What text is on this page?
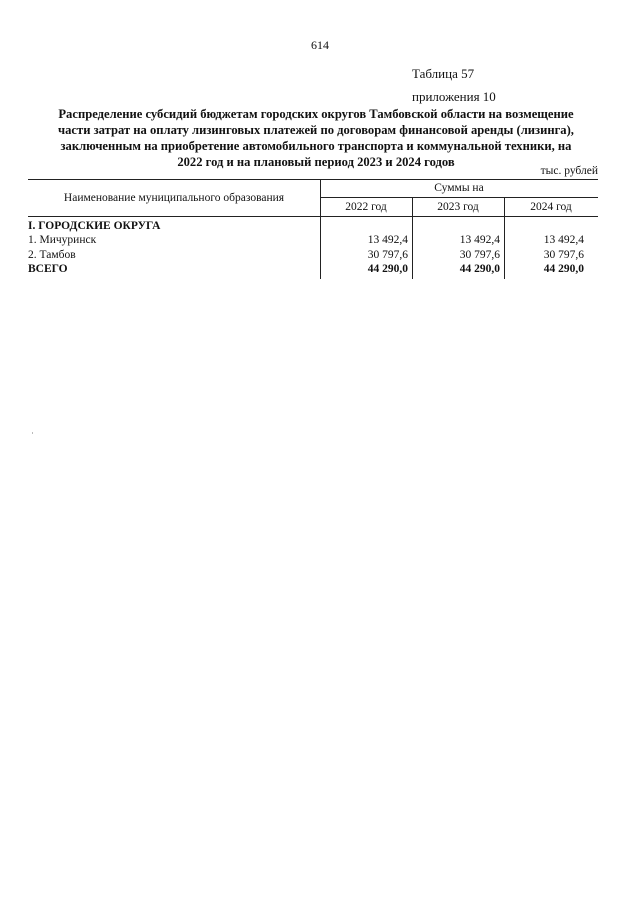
614
Таблица 57
приложения 10
Распределение субсидий бюджетам городских округов Тамбовской области на возмещение
части затрат на оплату лизинговых платежей по договорам финансовой аренды (лизинга),
заключенным на приобретение автомобильного транспорта и коммунальной техники, на
2022 год и на плановый период 2023 и 2024 годов
тыс. рублей
Наименование муниципального образования
Суммы на
2022 год	2023 год	2024 год
I. ГОРОДСКИЕ ОКРУГА
1. Мичуринск	13 492,4	13 492,4	13 492,4
2. Тамбов	30 797,6	30 797,6	30 797,6
ВСЕГО	44 290,0	44 290,0	44 290,0
